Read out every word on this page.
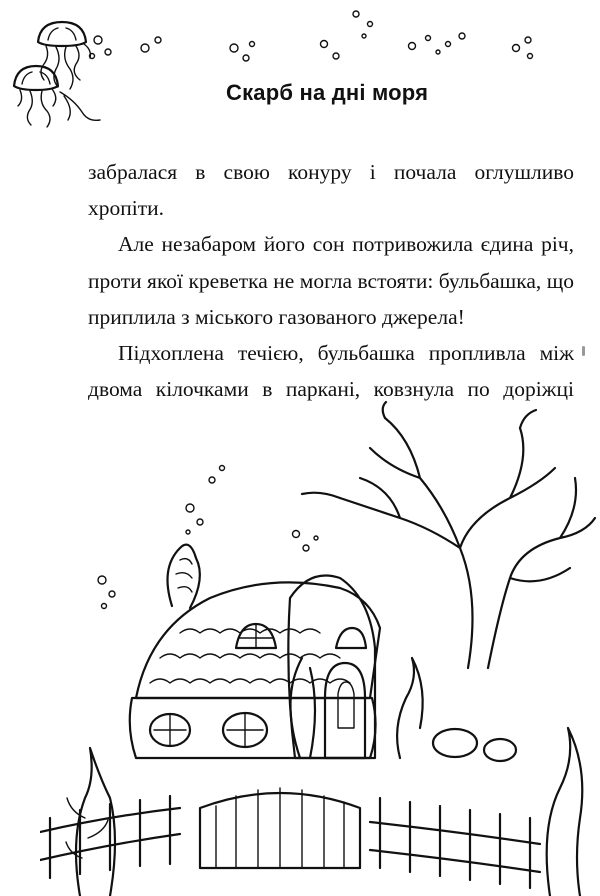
Скарб на дні моря

забралася в свою конуру і почала оглушливо хропіти.

Але незабаром його сон потривожила єдина річ, проти якої креветка не могла встояти: бульбашка, що приплила з міського газованого джерела!

Підхоплена течією, бульбашка пропливла між двома кілочками в паркані, ковзнула по доріжці
